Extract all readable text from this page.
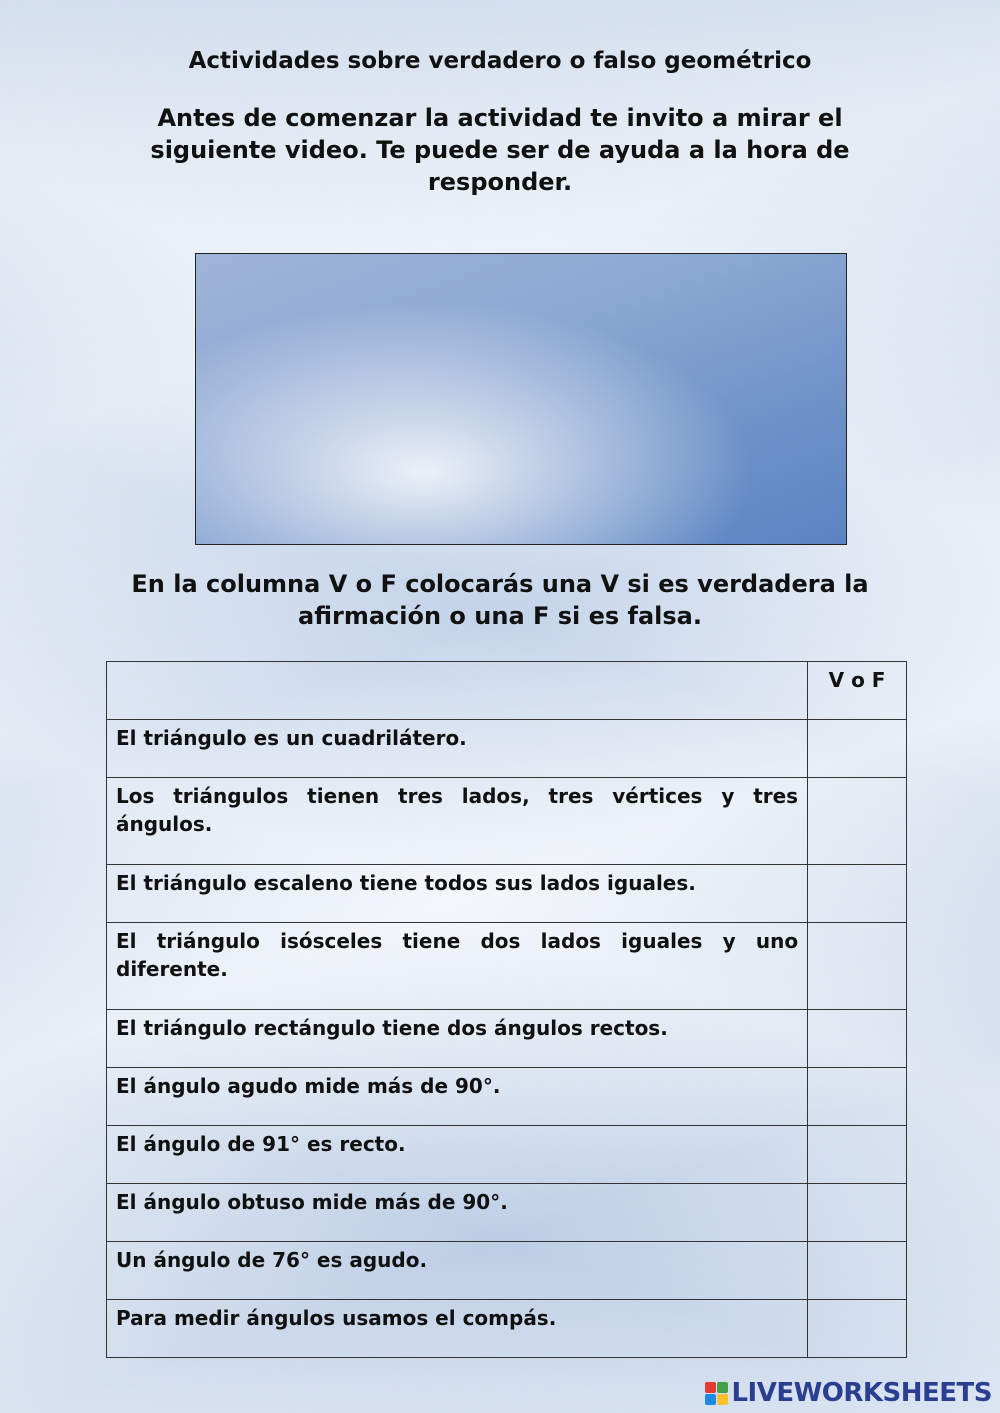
Actividades sobre verdadero o falso geométrico
Antes de comenzar la actividad te invito a mirar el siguiente video. Te puede ser de ayuda a la hora de responder.
En la columna V o F colocarás una V si es verdadera la afirmación o una F si es falsa.
	V o F
El triángulo es un cuadrilátero.	
Los triángulos tienen tres lados, tres vértices y tres ángulos.	
El triángulo escaleno tiene todos sus lados iguales.	
El triángulo isósceles tiene dos lados iguales y uno diferente.	
El triángulo rectángulo tiene dos ángulos rectos.	
El ángulo agudo mide más de 90°.	
El ángulo de 91° es recto.	
El ángulo obtuso mide más de 90°.	
Un ángulo de 76° es agudo.	
Para medir ángulos usamos el compás.	
LIVEWORKSHEETS
